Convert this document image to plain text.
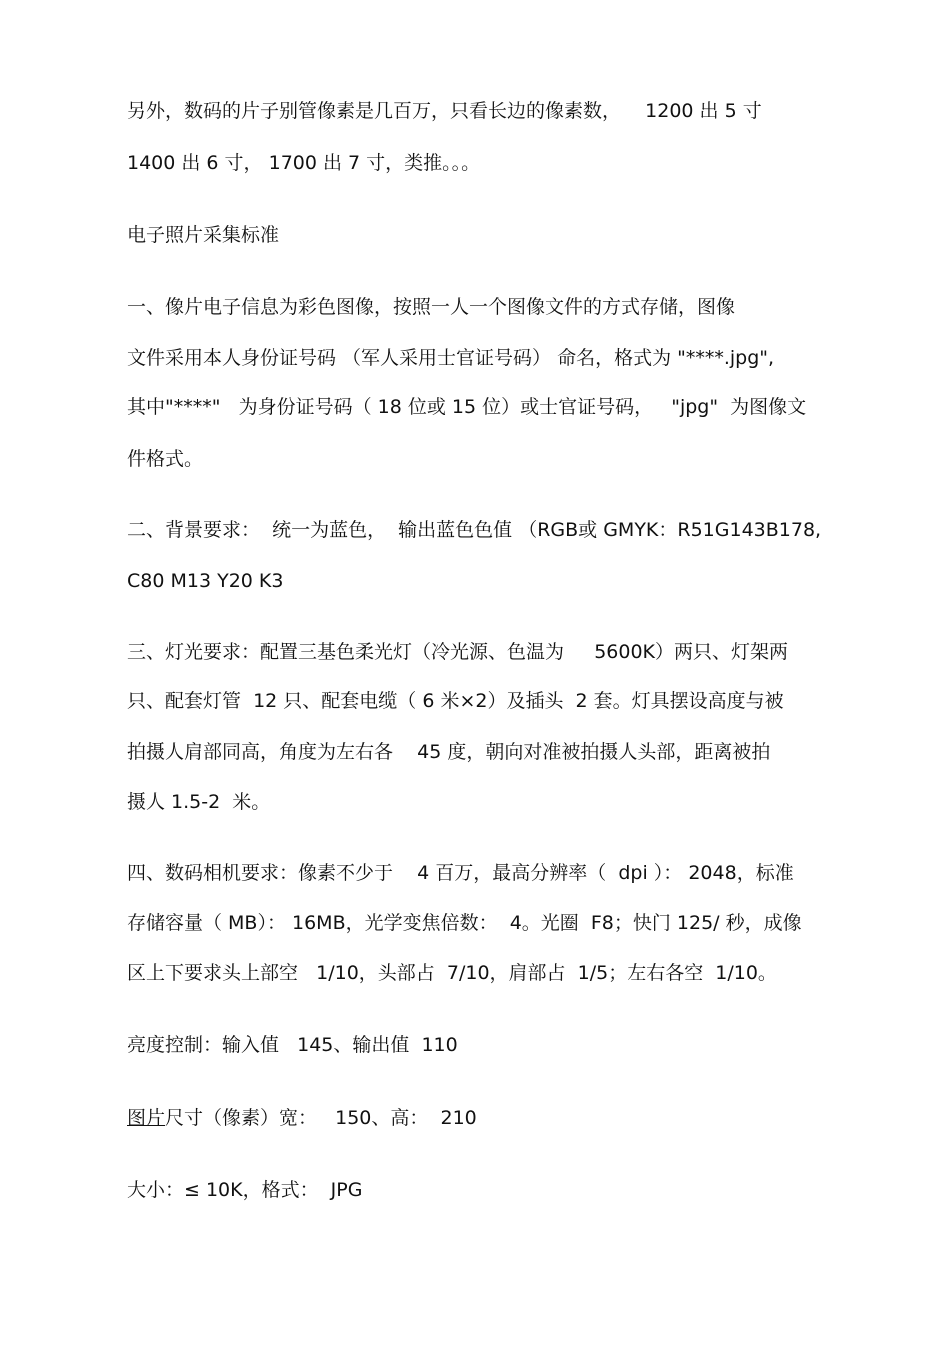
另外，数码的片子别管像素是几百万，只看长边的像素数，    1200 出 5 寸
1400 出 6 寸， 1700 出 7 寸，类推。。。
电子照片采集标准
一、像片电子信息为彩色图像，按照一人一个图像文件的方式存储，图像
文件采用本人身份证号码 （军人采用士官证号码） 命名，格式为 "****.jpg",
其中"****"   为身份证号码（ 18 位或 15 位）或士官证号码，   "jpg"  为图像文
件格式。
二、背景要求：  统一为蓝色，  输出蓝色色值 （RGB或 GMYK：R51G143B178,
C80 M13 Y20 K3
三、灯光要求：配置三基色柔光灯（冷光源、色温为     5600K）两只、灯架两
只、配套灯管  12 只、配套电缆（ 6 米×2）及插头  2 套。灯具摆设高度与被
拍摄人肩部同高，角度为左右各    45 度，朝向对准被拍摄人头部，距离被拍
摄人 1.5-2  米。
四、数码相机要求：像素不少于    4 百万，最高分辨率（  dpi ）： 2048，标准
存储容量（ MB）： 16MB，光学变焦倍数：  4。光圈  F8；快门 125/ 秒，成像
区上下要求头上部空   1/10，头部占  7/10，肩部占  1/5；左右各空  1/10。
亮度控制：输入值   145、输出值  110
图片尺寸（像素）宽：   150、高：  210
大小：≤ 10K，格式：  JPG
